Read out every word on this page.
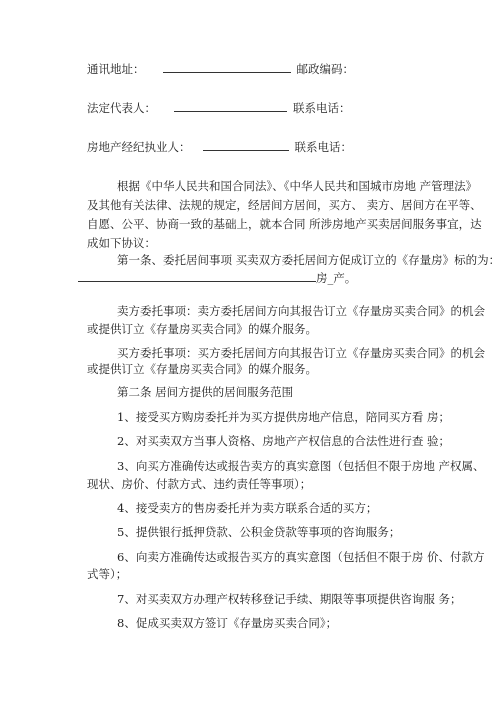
通讯地址：	邮政编码：
法定代表人：	联系电话：
房地产经纪执业人：	联系电话：
根据《中华人民共和国合同法》、《中华人民共和国城市房地 产管理法》
及其他有关法律、法规的规定，经居间方居间，买方、 卖方、居间方在平等、
自愿、公平、协商一致的基础上，就本合同 所涉房地产买卖居间服务事宜，达
成如下协议：
第一条、委托居间事项 买卖双方委托居间方促成订立的《存量房》标的为：
房_产。
卖方委托事项：卖方委托居间方向其报告订立《存量房买卖合同》的机会
或提供订立《存量房买卖合同》的媒介服务。
买方委托事项：买方委托居间方向其报告订立《存量房买卖合同》的机会
或提供订立《存量房买卖合同》的媒介服务。
第二条 居间方提供的居间服务范围
1、接受买方购房委托并为买方提供房地产信息，陪同买方看 房；
2、对买卖双方当事人资格、房地产产权信息的合法性进行查 验；
3、向买方准确传达或报告卖方的真实意图（包括但不限于房地 产权属、
现状、房价、付款方式、违约责任等事项）；
4、接受卖方的售房委托并为卖方联系合适的买方；
5、提供银行抵押贷款、公积金贷款等事项的咨询服务；
6、向卖方准确传达或报告买方的真实意图（包括但不限于房 价、付款方
式等）；
7、对买卖双方办理产权转移登记手续、期限等事项提供咨询服 务；
8、促成买卖双方签订《存量房买卖合同》；
